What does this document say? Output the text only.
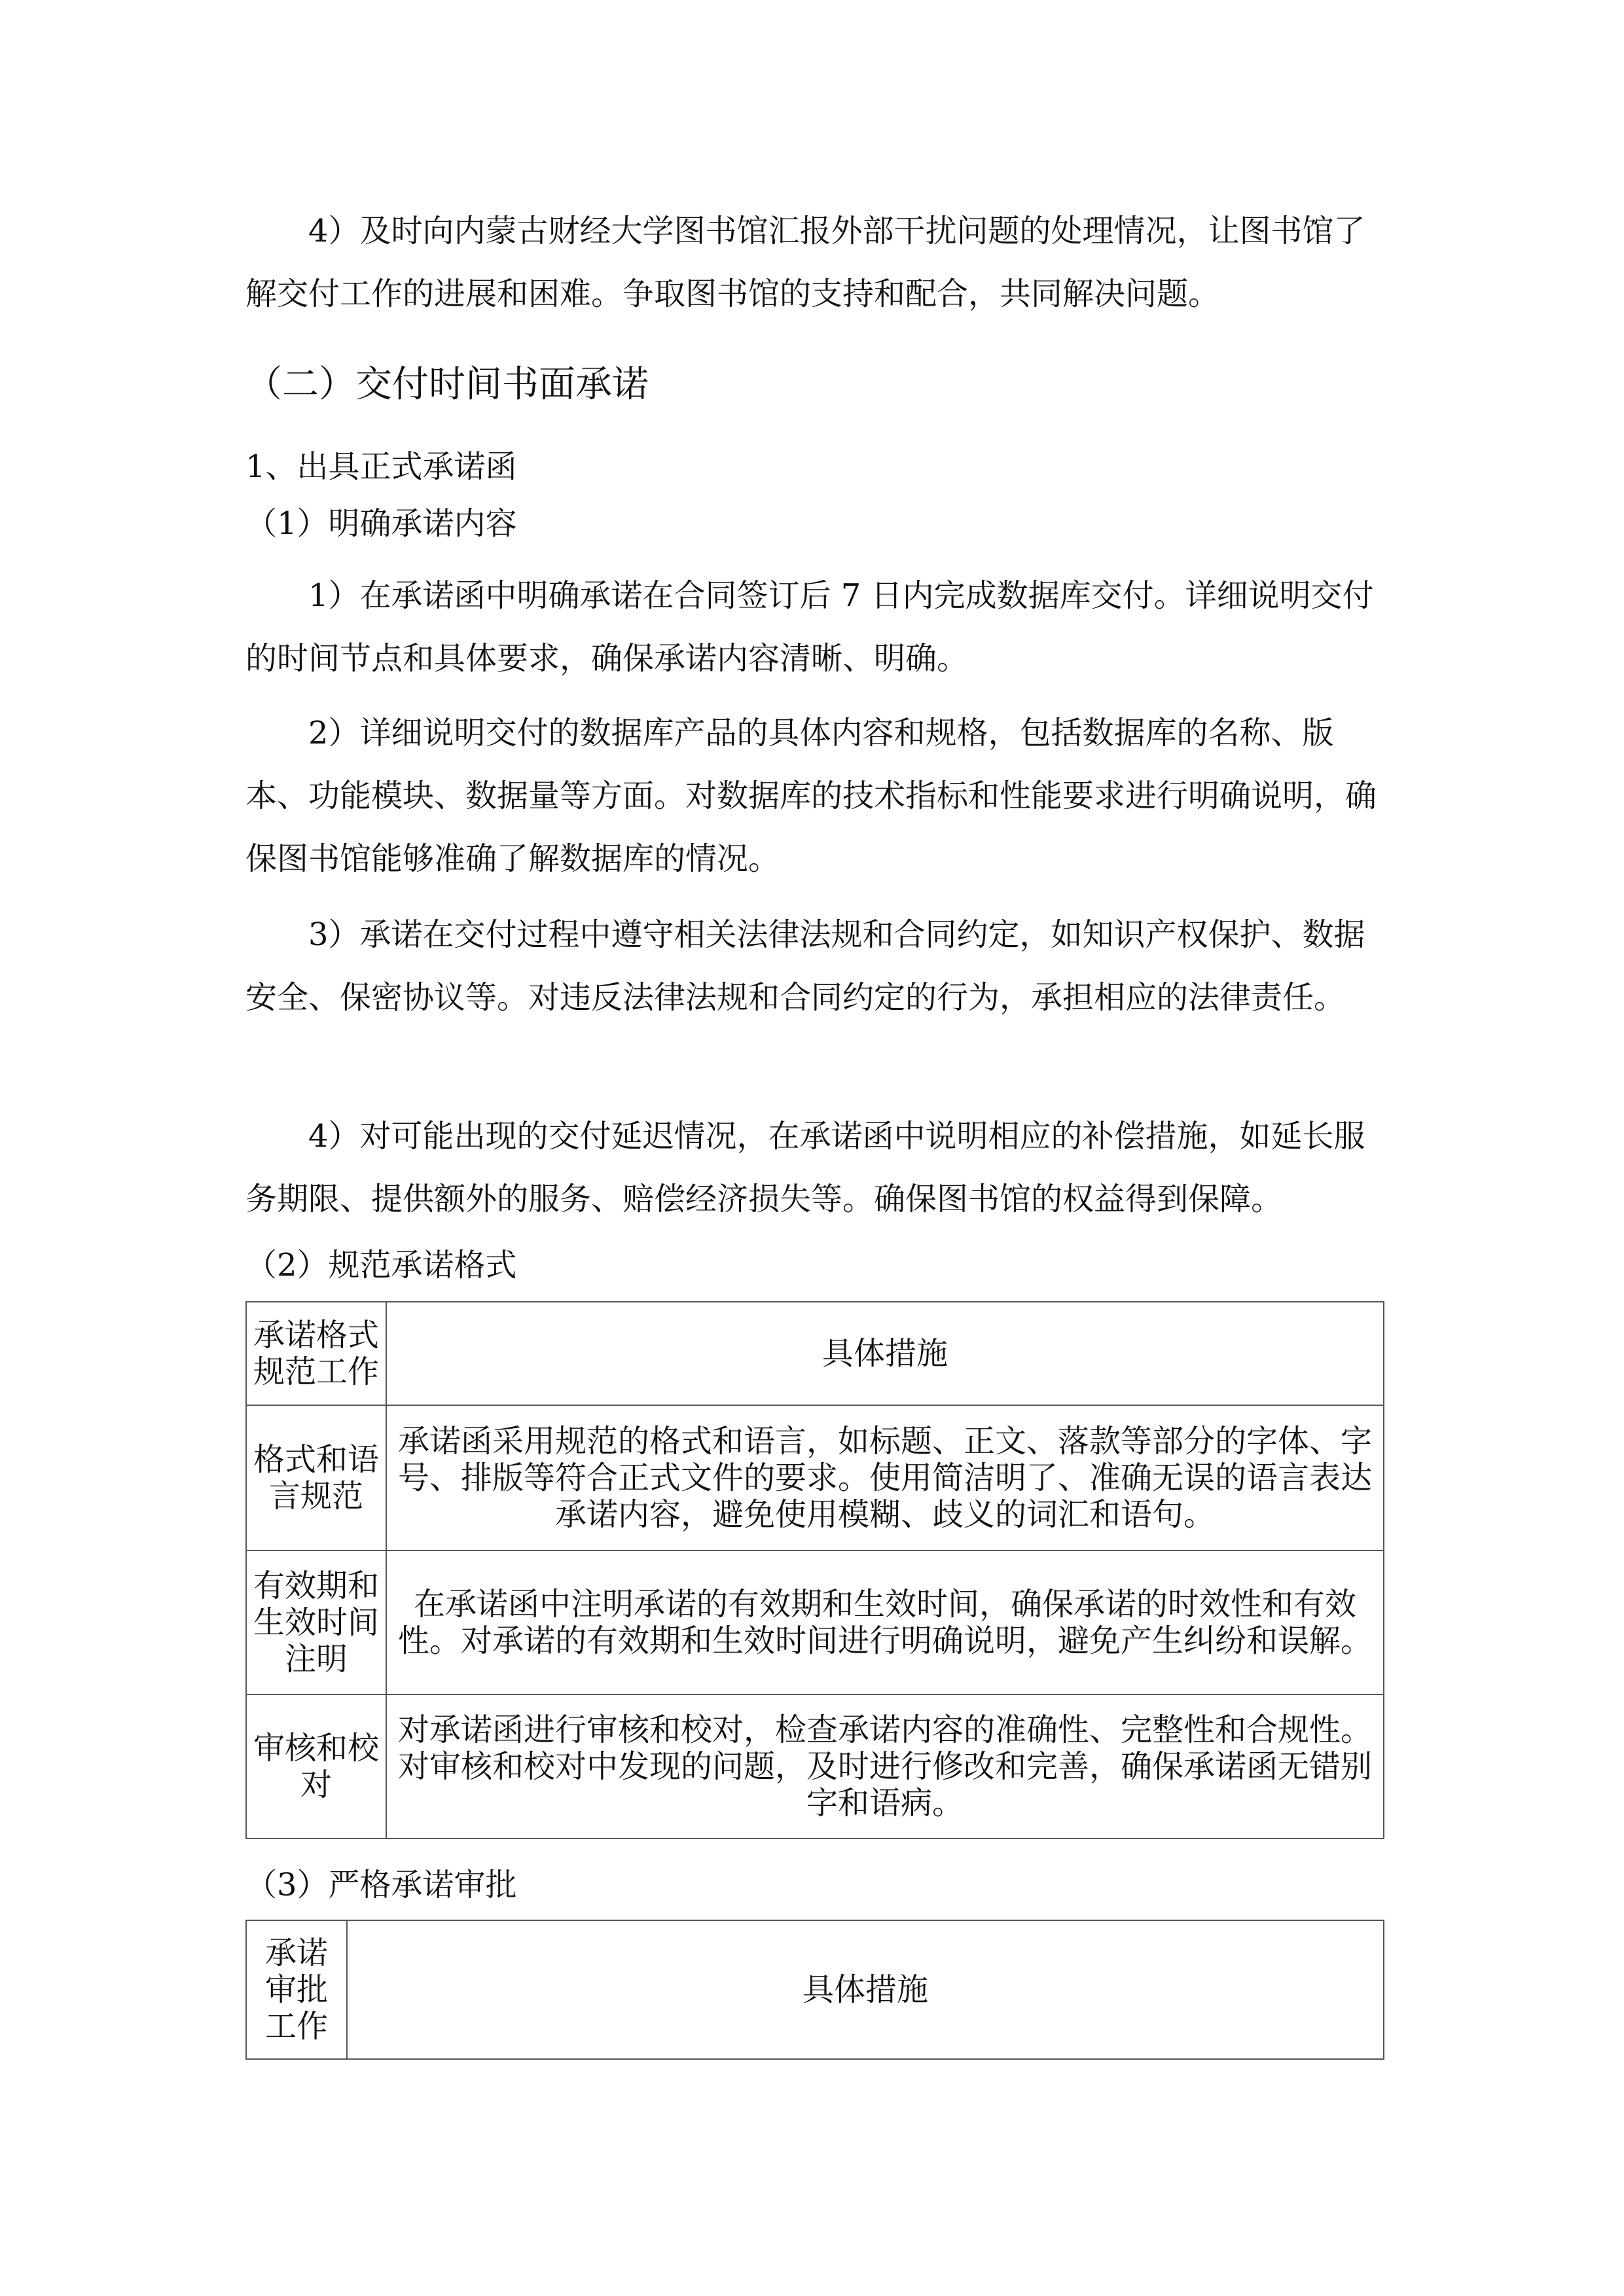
4）及时向内蒙古财经大学图书馆汇报外部干扰问题的处理情况，让图书馆了解交付工作的进展和困难。争取图书馆的支持和配合，共同解决问题。

（二）交付时间书面承诺

1、出具正式承诺函

（1）明确承诺内容

1）在承诺函中明确承诺在合同签订后 7 日内完成数据库交付。详细说明交付的时间节点和具体要求，确保承诺内容清晰、明确。

2）详细说明交付的数据库产品的具体内容和规格，包括数据库的名称、版本、功能模块、数据量等方面。对数据库的技术指标和性能要求进行明确说明，确保图书馆能够准确了解数据库的情况。

3）承诺在交付过程中遵守相关法律法规和合同约定，如知识产权保护、数据安全、保密协议等。对违反法律法规和合同约定的行为，承担相应的法律责任。

4）对可能出现的交付延迟情况，在承诺函中说明相应的补偿措施，如延长服务期限、提供额外的服务、赔偿经济损失等。确保图书馆的权益得到保障。

（2）规范承诺格式

承诺格式规范工作	具体措施
格式和语言规范	承诺函采用规范的格式和语言，如标题、正文、落款等部分的字体、字号、排版等符合正式文件的要求。使用简洁明了、准确无误的语言表达承诺内容，避免使用模糊、歧义的词汇和语句。
有效期和生效时间注明	在承诺函中注明承诺的有效期和生效时间，确保承诺的时效性和有效性。对承诺的有效期和生效时间进行明确说明，避免产生纠纷和误解。
审核和校对	对承诺函进行审核和校对，检查承诺内容的准确性、完整性和合规性。对审核和校对中发现的问题，及时进行修改和完善，确保承诺函无错别字和语病。

（3）严格承诺审批

承诺审批工作	具体措施
